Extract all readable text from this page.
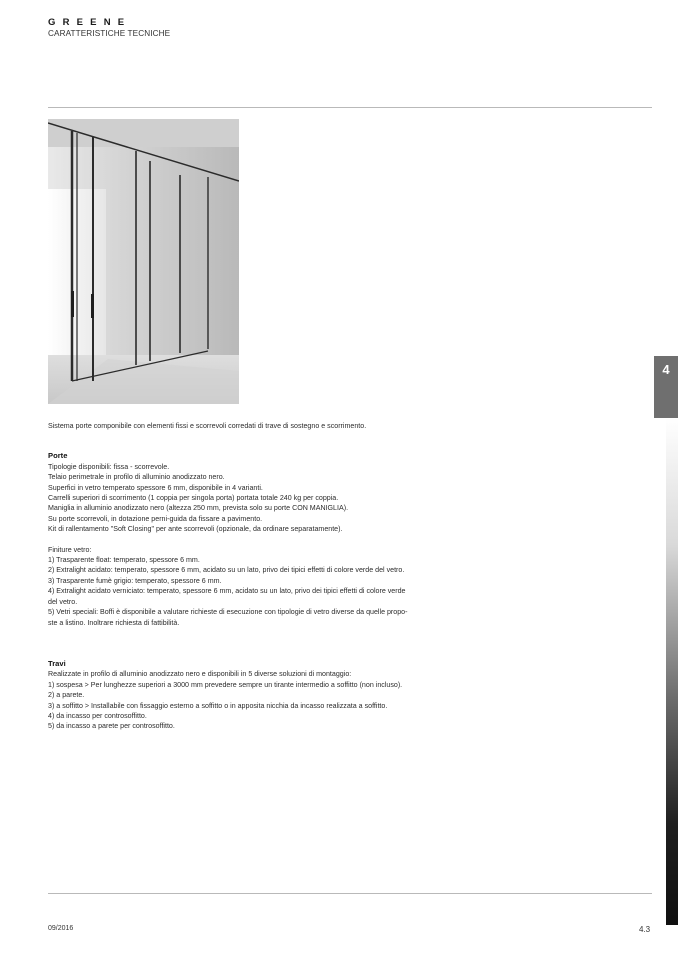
GREENE
CARATTERISTICHE TECNICHE
4

Sistema porte componibile con elementi fissi e scorrevoli corredati di trave di sostegno e scorrimento.

Porte

Tipologie disponibili: fissa - scorrevole.

Telaio perimetrale in profilo di alluminio anodizzato nero.

Superfici in vetro temperato spessore 6 mm, disponibile in 4 varianti.

Carrelli superiori di scorrimento (1 coppia per singola porta) portata totale 240 kg per coppia.

Maniglia in alluminio anodizzato nero (altezza 250 mm, prevista solo su porte CON MANIGLIA).

Su porte scorrevoli, in dotazione perni-guida da fissare a pavimento.

Kit di rallentamento "Soft Closing" per ante scorrevoli (opzionale, da ordinare separatamente).

Finiture vetro:

1) Trasparente float: temperato, spessore 6 mm.

2) Extralight acidato: temperato, spessore 6 mm, acidato su un lato, privo dei tipici effetti di colore verde del vetro.

3) Trasparente fumè grigio: temperato, spessore 6 mm.

4) Extralight acidato verniciato: temperato, spessore 6 mm, acidato su un lato, privo dei tipici effetti di colore verde

del vetro.

5) Vetri speciali: Boffi è disponibile a valutare richieste di esecuzione con tipologie di vetro diverse da quelle propo-

ste a listino. Inoltrare richiesta di fattibilità.

Travi

Realizzate in profilo di alluminio anodizzato nero e disponibili in 5 diverse soluzioni di montaggio:

1) sospesa > Per lunghezze superiori a 3000 mm prevedere sempre un tirante intermedio a soffitto (non incluso).

2) a parete.

3) a soffitto > Installabile con fissaggio esterno a soffitto o in apposita nicchia da incasso realizzata a soffitto.

4) da incasso per controsoffitto.

5) da incasso a parete per controsoffitto.

09/2016	4.3
